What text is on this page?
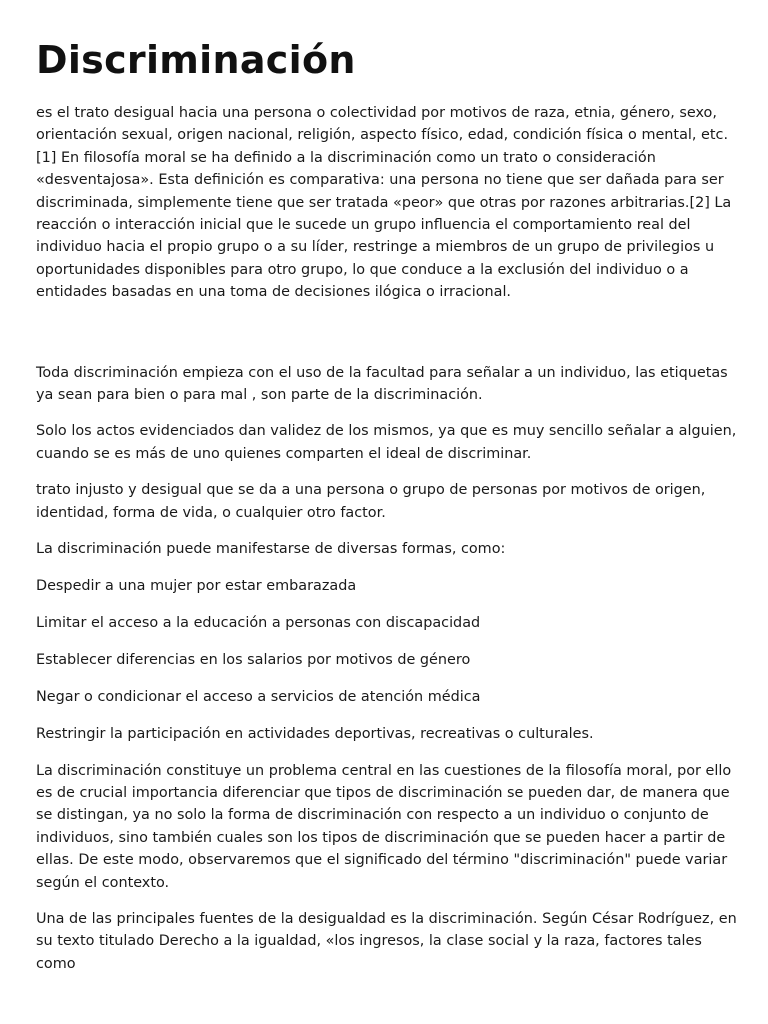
Discriminación

es el trato desigual hacia una persona o colectividad por motivos de raza, etnia, género, sexo, orientación sexual, origen nacional, religión, aspecto físico, edad, condición física o mental, etc. [1] En filosofía moral se ha definido a la discriminación como un trato o consideración «desventajosa». Esta definición es comparativa: una persona no tiene que ser dañada para ser discriminada, simplemente tiene que ser tratada «peor» que otras por razones arbitrarias.[2] La reacción o interacción inicial que le sucede un grupo influencia el comportamiento real del individuo hacia el propio grupo o a su líder, restringe a miembros de un grupo de privilegios u oportunidades disponibles para otro grupo, lo que conduce a la exclusión del individuo o a entidades basadas en una toma de decisiones ilógica o irracional.

Toda discriminación empieza con el uso de la facultad para señalar a un individuo, las etiquetas ya sean para bien o para mal , son parte de la discriminación.

Solo los actos evidenciados dan validez de los mismos, ya que es muy sencillo señalar a alguien, cuando se es más de uno quienes comparten el ideal de discriminar.

trato injusto y desigual que se da a una persona o grupo de personas por motivos de origen, identidad, forma de vida, o cualquier otro factor.

La discriminación puede manifestarse de diversas formas, como:

Despedir a una mujer por estar embarazada

Limitar el acceso a la educación a personas con discapacidad

Establecer diferencias en los salarios por motivos de género

Negar o condicionar el acceso a servicios de atención médica

Restringir la participación en actividades deportivas, recreativas o culturales.

La discriminación constituye un problema central en las cuestiones de la filosofía moral, por ello es de crucial importancia diferenciar que tipos de discriminación se pueden dar, de manera que se distingan, ya no solo la forma de discriminación con respecto a un individuo o conjunto de individuos, sino también cuales son los tipos de discriminación que se pueden hacer a partir de ellas. De este modo, observaremos que el significado del término "discriminación" puede variar según el contexto.

Una de las principales fuentes de la desigualdad es la discriminación. Según César Rodríguez, en su texto titulado Derecho a la igualdad, «los ingresos, la clase social y la raza, factores tales como
